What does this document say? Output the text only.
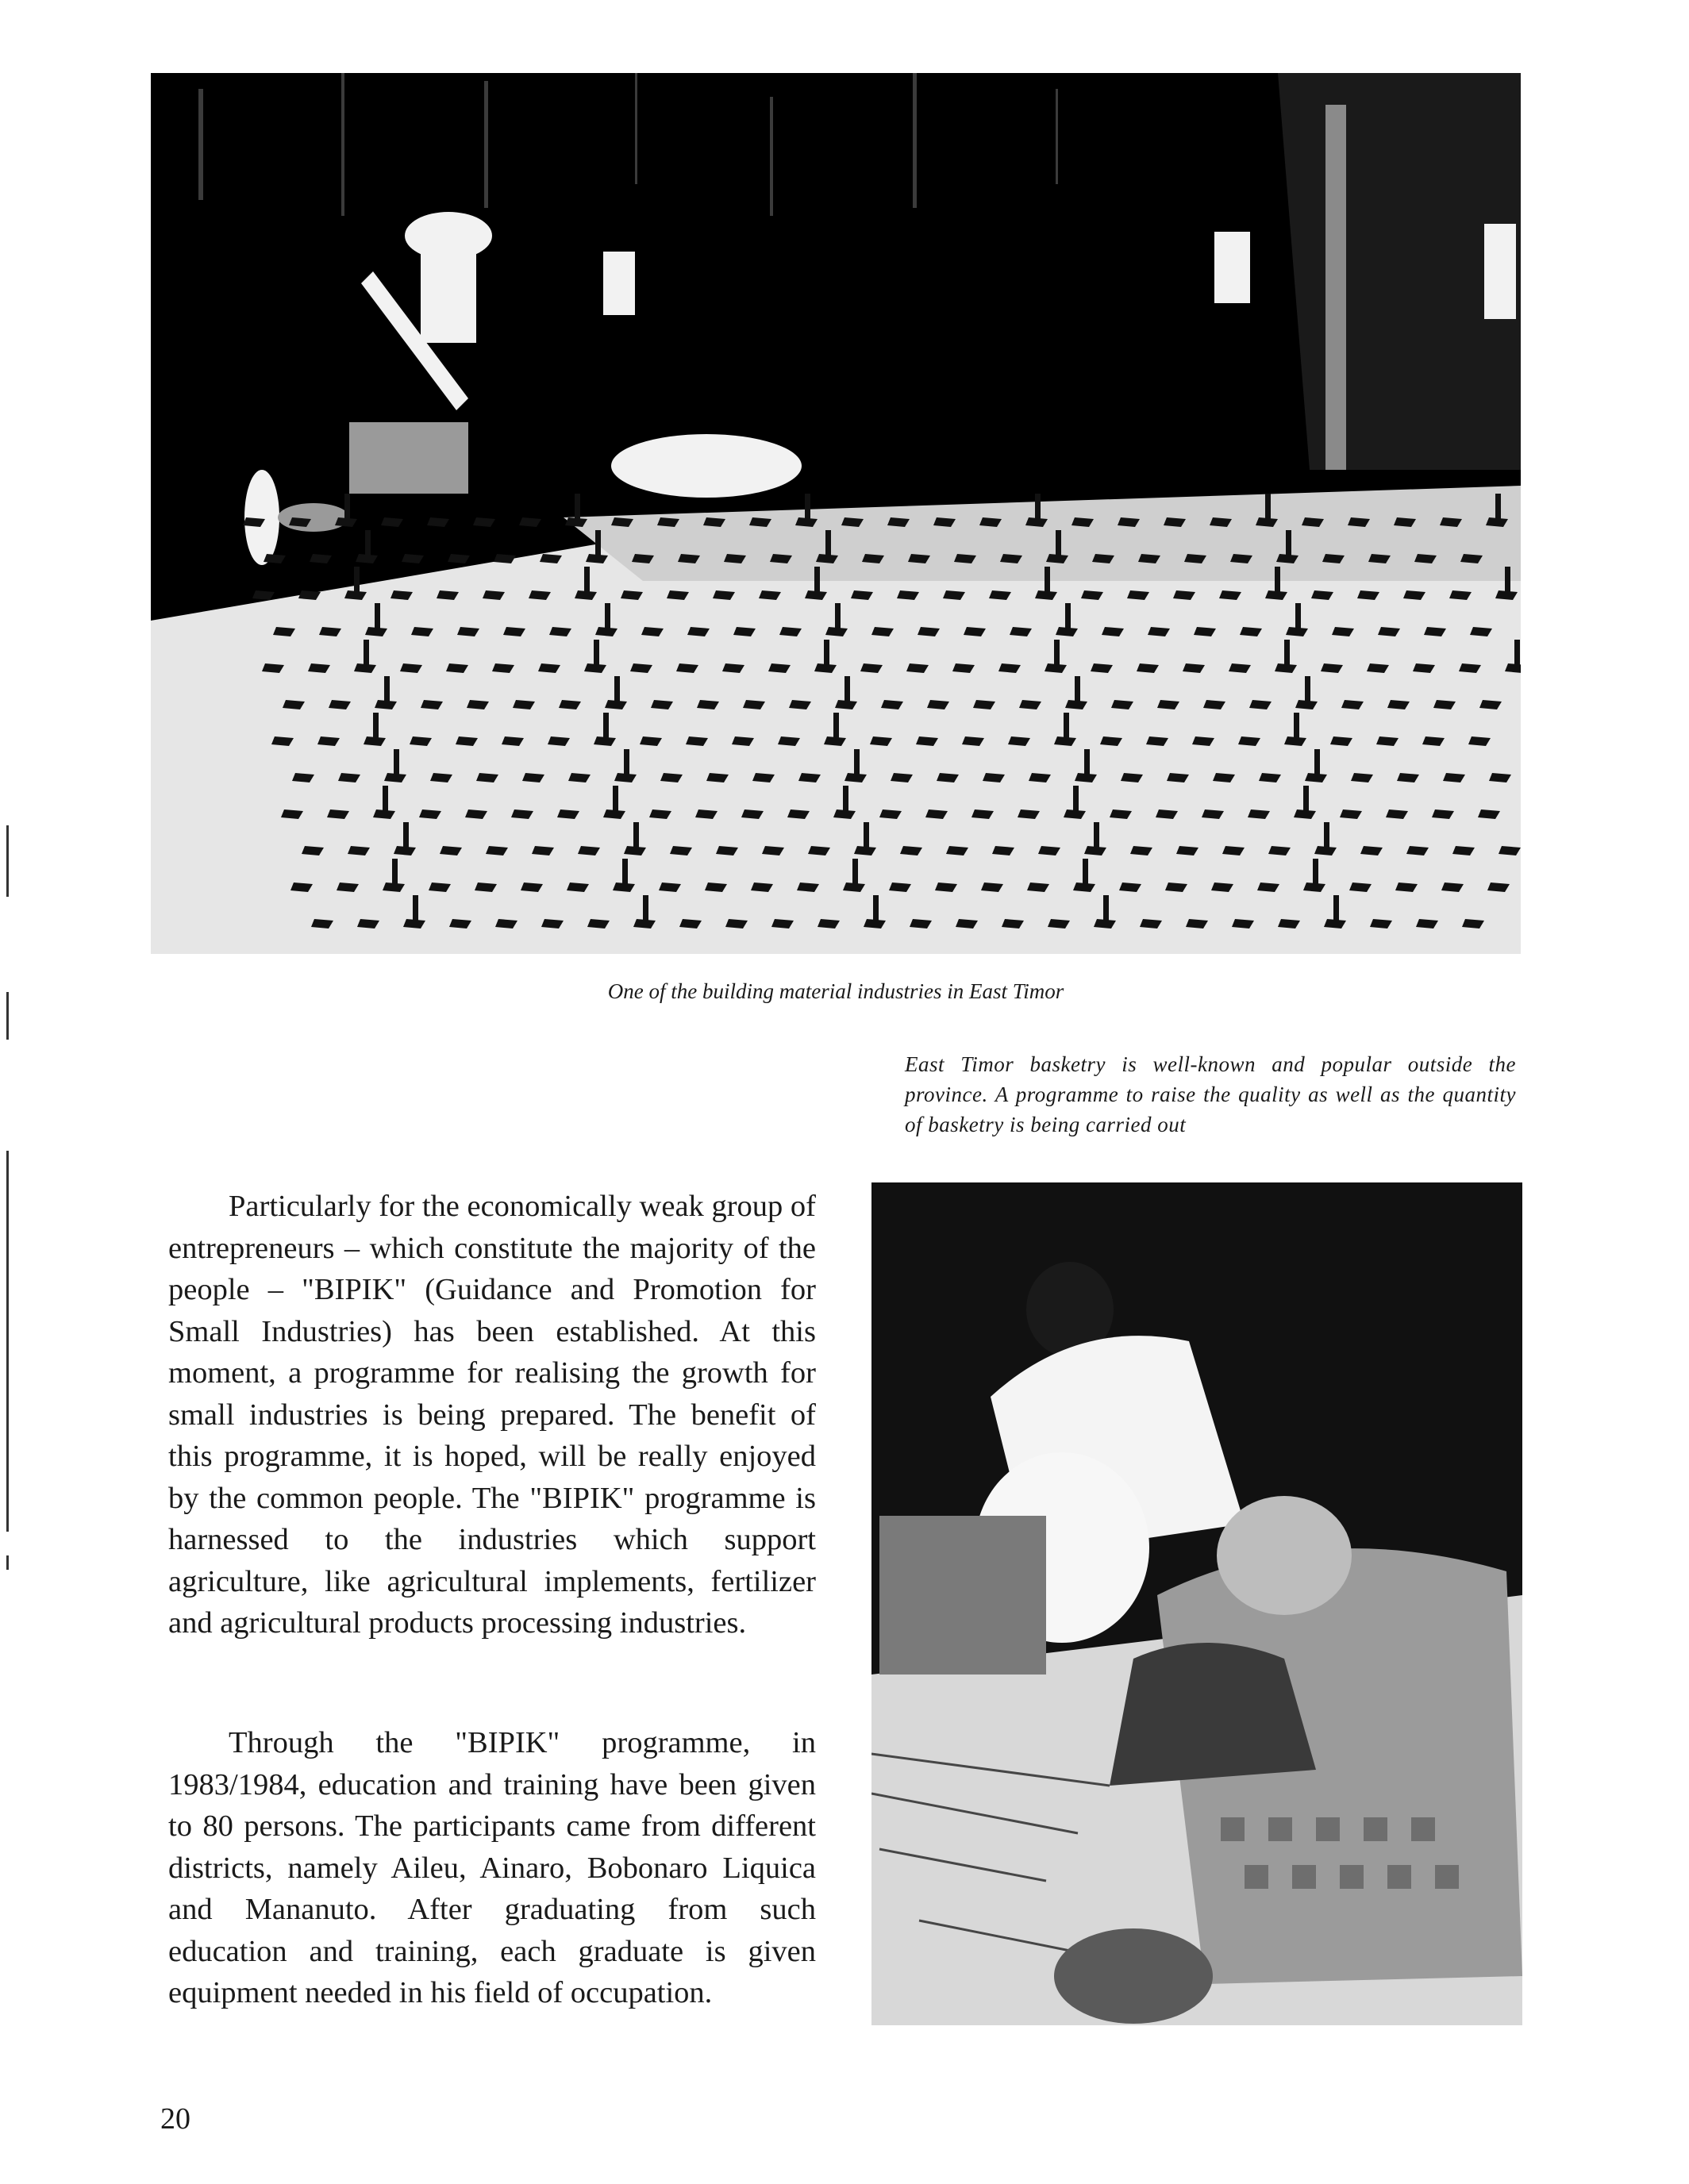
One of the building material industries in East Timor
East Timor basketry is well-known and popular outside the province. A programme to raise the quality as well as the quantity of basketry is being carried out

Particularly for the economically weak group of entrepreneurs – which constitute the majority of the people – "BIPIK" (Guidance and Promotion for Small Industries) has been established. At this moment, a programme for realising the growth for small industries is being prepared. The benefit of this programme, it is hoped, will be really enjoyed by the common people. The "BIPIK" programme is harnessed to the industries which support agriculture, like agricultural implements, fertilizer and agricultural products processing industries.

Through the "BIPIK" programme, in 1983/1984, education and training have been given to 80 persons. The participants came from different districts, namely Aileu, Ainaro, Bobonaro Liquica and Mananuto. After graduating from such education and training, each graduate is given equipment needed in his field of occupation.

20
